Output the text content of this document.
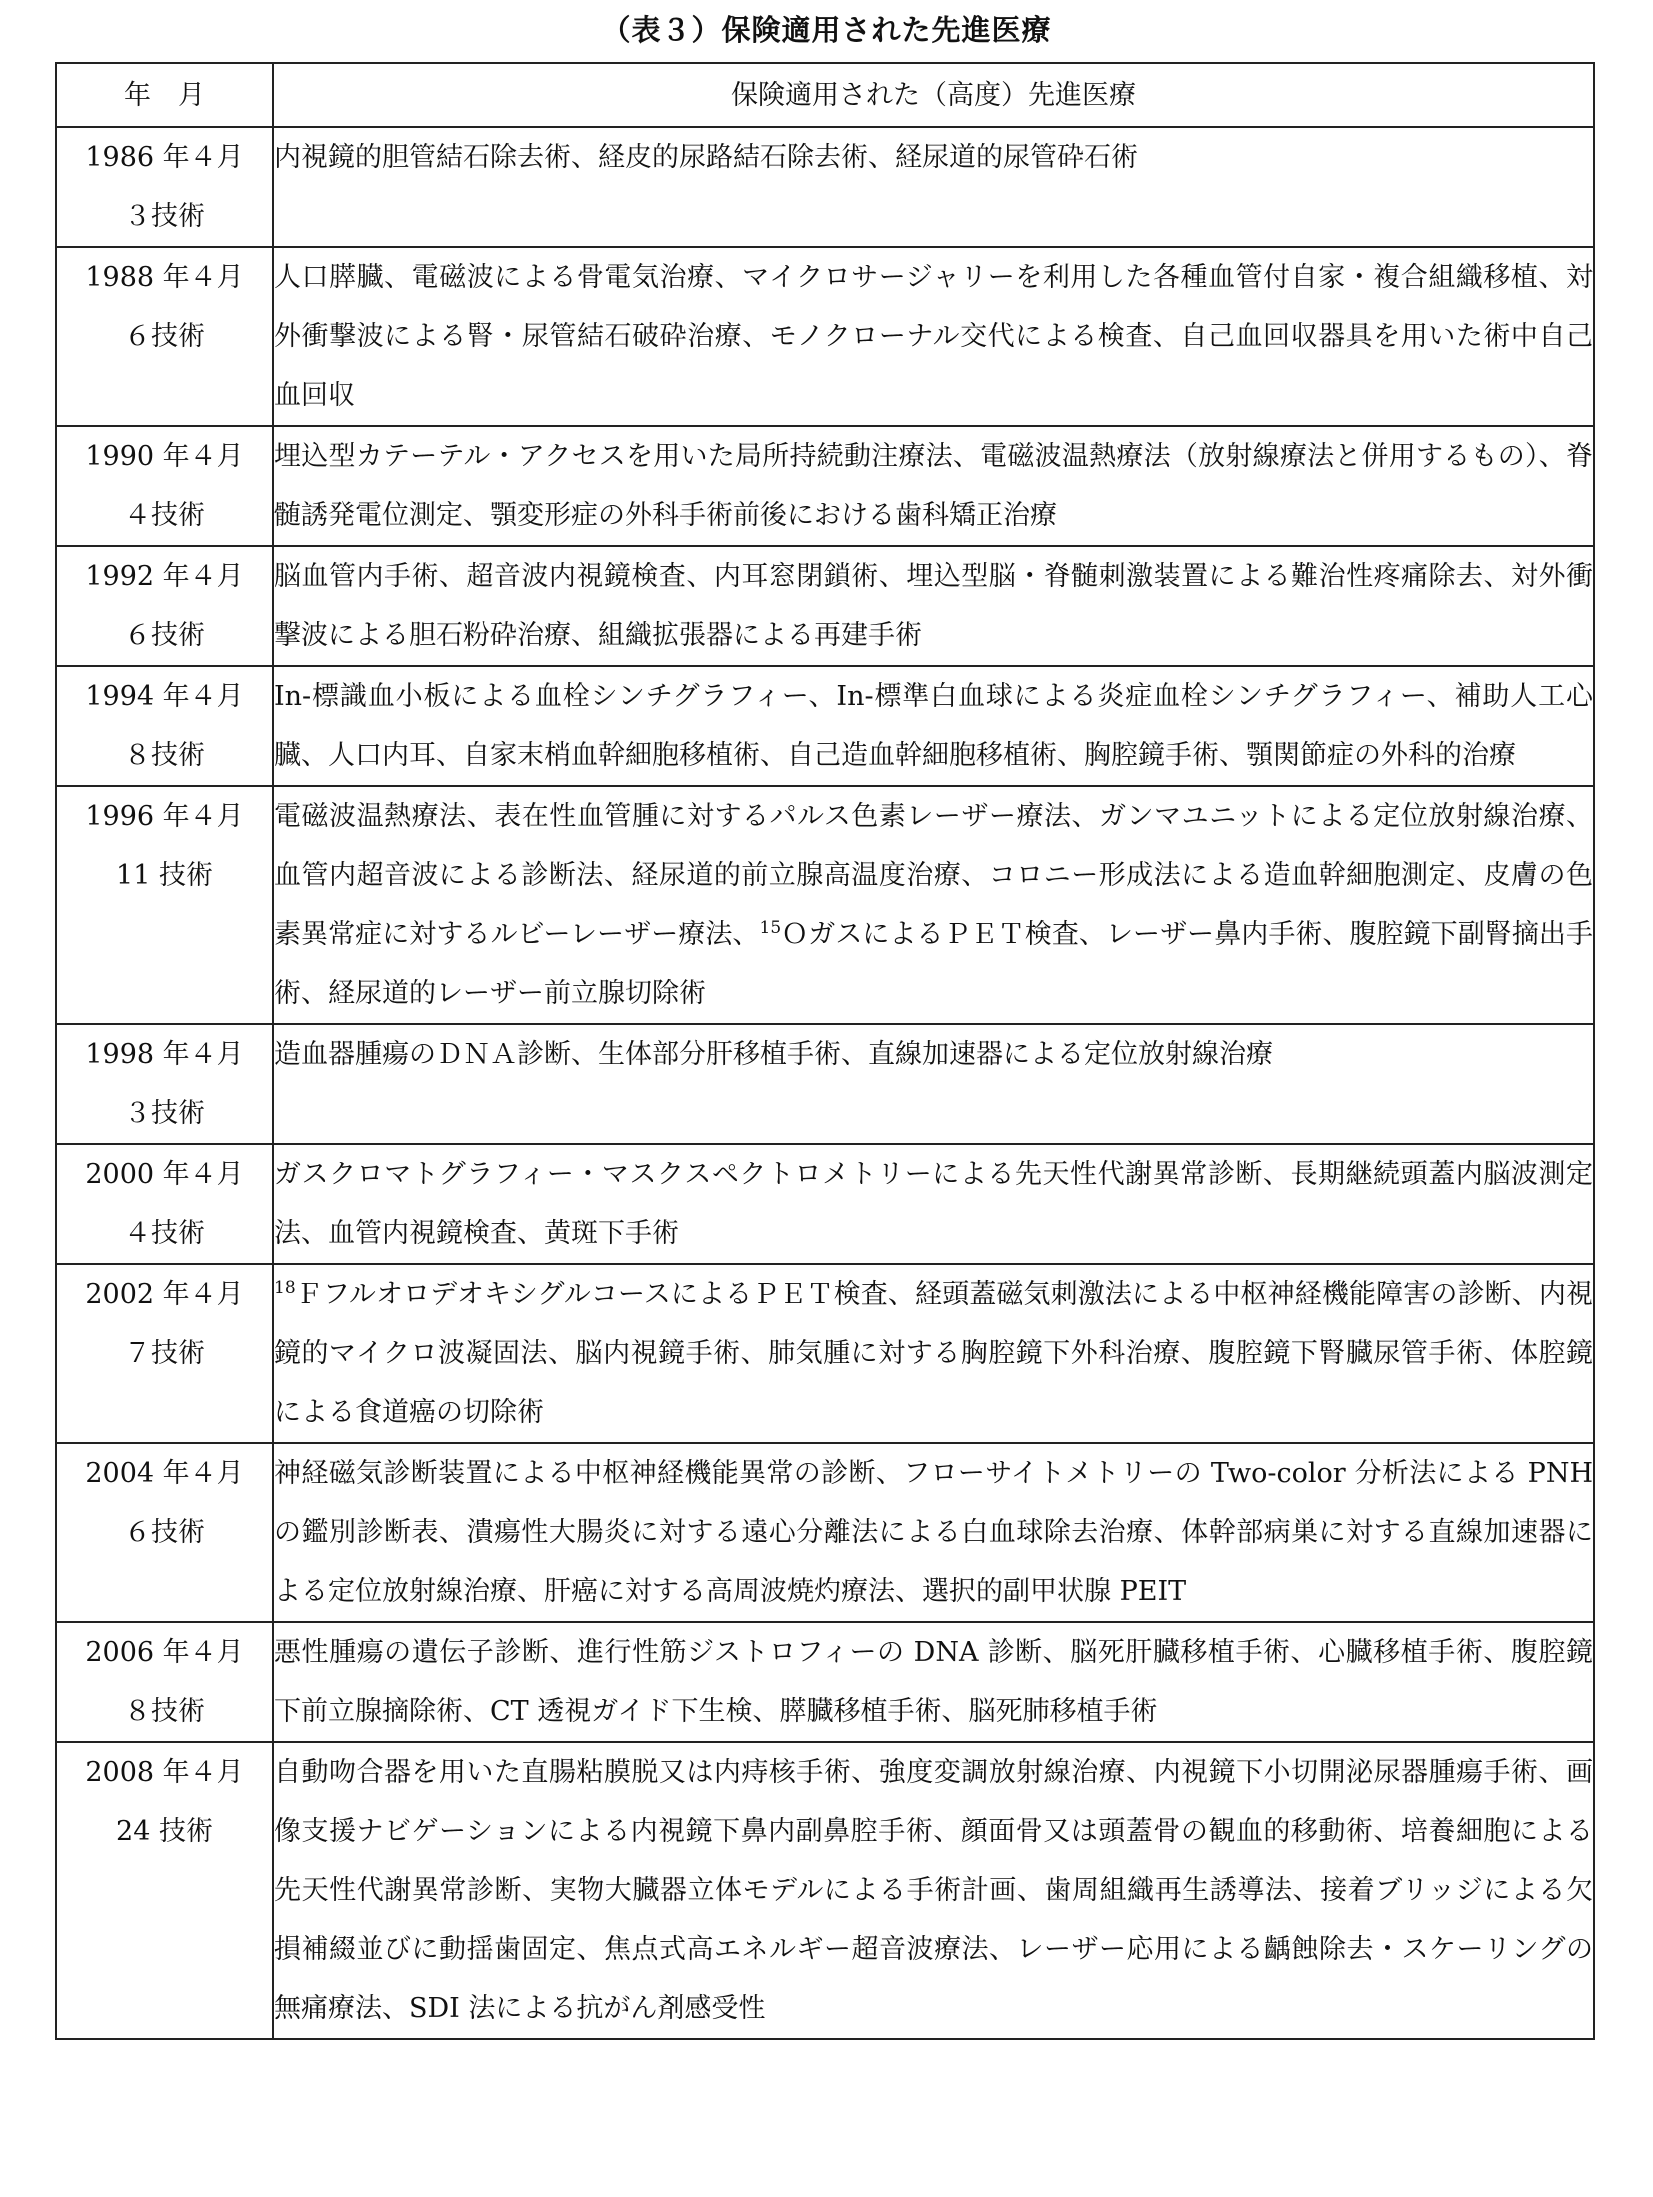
（表３）保険適用された先進医療
年　月	保険適用された（高度）先進医療

1986 年４月
３技術	内視鏡的胆管結石除去術、経皮的尿路結石除去術、経尿道的尿管砕石術

1988 年４月
６技術	人口膵臓、電磁波による骨電気治療、マイクロサージャリーを利用した各種血管付自家・複合組織移植、対外衝撃波による腎・尿管結石破砕治療、モノクローナル交代による検査、自己血回収器具を用いた術中自己血回収

1990 年４月
４技術	埋込型カテーテル・アクセスを用いた局所持続動注療法、電磁波温熱療法（放射線療法と併用するもの）、脊髄誘発電位測定、顎変形症の外科手術前後における歯科矯正治療

1992 年４月
６技術	脳血管内手術、超音波内視鏡検査、内耳窓閉鎖術、埋込型脳・脊髄刺激装置による難治性疼痛除去、対外衝撃波による胆石粉砕治療、組織拡張器による再建手術

1994 年４月
８技術	In-標識血小板による血栓シンチグラフィー、In-標準白血球による炎症血栓シンチグラフィー、補助人工心臓、人口内耳、自家末梢血幹細胞移植術、自己造血幹細胞移植術、胸腔鏡手術、顎関節症の外科的治療

1996 年４月
11 技術	電磁波温熱療法、表在性血管腫に対するパルス色素レーザー療法、ガンマユニットによる定位放射線治療、血管内超音波による診断法、経尿道的前立腺高温度治療、コロニー形成法による造血幹細胞測定、皮膚の色素異常症に対するルビーレーザー療法、$^{15}$ＯガスによるＰＥＴ検査、レーザー鼻内手術、腹腔鏡下副腎摘出手術、経尿道的レーザー前立腺切除術

1998 年４月
３技術	造血器腫瘍のＤＮＡ診断、生体部分肝移植手術、直線加速器による定位放射線治療

2000 年４月
４技術	ガスクロマトグラフィー・マスクスペクトロメトリーによる先天性代謝異常診断、長期継続頭蓋内脳波測定法、血管内視鏡検査、黄斑下手術

2002 年４月
７技術	$^{18}$ＦフルオロデオキシグルコースによるＰＥＴ検査、経頭蓋磁気刺激法による中枢神経機能障害の診断、内視鏡的マイクロ波凝固法、脳内視鏡手術、肺気腫に対する胸腔鏡下外科治療、腹腔鏡下腎臓尿管手術、体腔鏡による食道癌の切除術

2004 年４月
６技術	神経磁気診断装置による中枢神経機能異常の診断、フローサイトメトリーの Two-color 分析法による PNH の鑑別診断表、潰瘍性大腸炎に対する遠心分離法による白血球除去治療、体幹部病巣に対する直線加速器による定位放射線治療、肝癌に対する高周波焼灼療法、選択的副甲状腺 PEIT

2006 年４月
８技術	悪性腫瘍の遺伝子診断、進行性筋ジストロフィーの DNA 診断、脳死肝臓移植手術、心臓移植手術、腹腔鏡下前立腺摘除術、CT 透視ガイド下生検、膵臓移植手術、脳死肺移植手術

2008 年４月
24 技術	自動吻合器を用いた直腸粘膜脱又は内痔核手術、強度変調放射線治療、内視鏡下小切開泌尿器腫瘍手術、画像支援ナビゲーションによる内視鏡下鼻内副鼻腔手術、顔面骨又は頭蓋骨の観血的移動術、培養細胞による先天性代謝異常診断、実物大臓器立体モデルによる手術計画、歯周組織再生誘導法、接着ブリッジによる欠損補綴並びに動揺歯固定、焦点式高エネルギー超音波療法、レーザー応用による齲蝕除去・スケーリングの無痛療法、SDI 法による抗がん剤感受性
